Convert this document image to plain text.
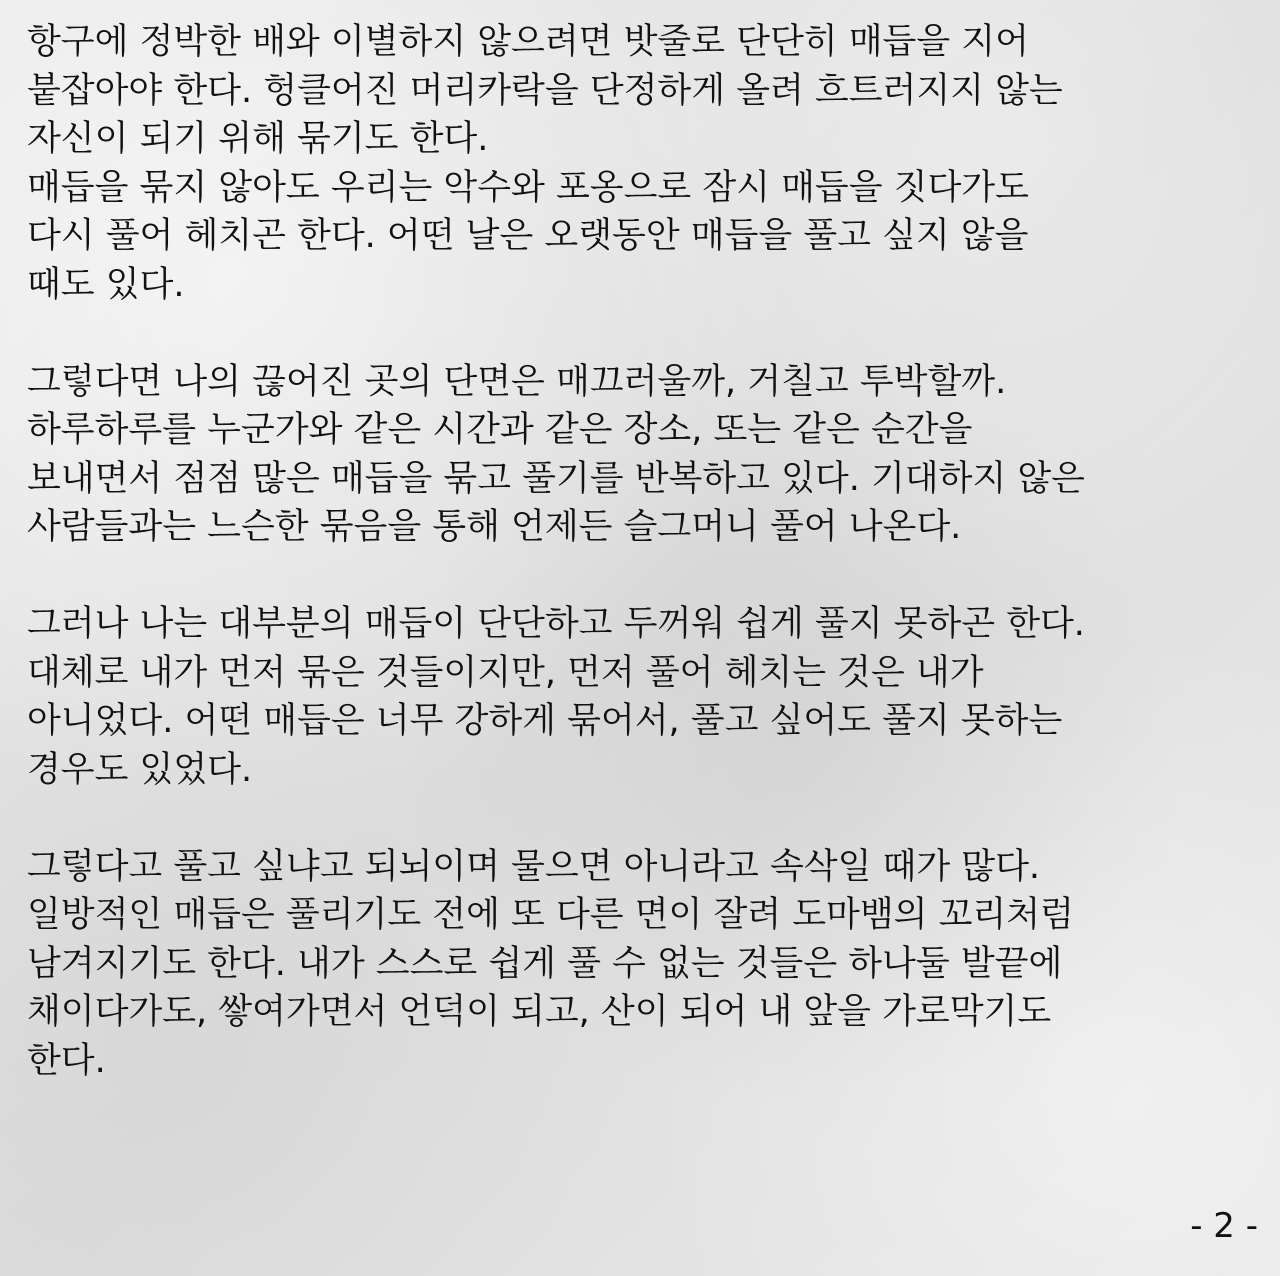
항구에 정박한 배와 이별하지 않으려면 밧줄로 단단히 매듭을 지어
붙잡아야 한다. 헝클어진 머리카락을 단정하게 올려 흐트러지지 않는
자신이 되기 위해 묶기도 한다.
매듭을 묶지 않아도 우리는 악수와 포옹으로 잠시 매듭을 짓다가도
다시 풀어 헤치곤 한다. 어떤 날은 오랫동안 매듭을 풀고 싶지 않을
때도 있다.

그렇다면 나의 끊어진 곳의 단면은 매끄러울까, 거칠고 투박할까.
하루하루를 누군가와 같은 시간과 같은 장소, 또는 같은 순간을
보내면서 점점 많은 매듭을 묶고 풀기를 반복하고 있다. 기대하지 않은
사람들과는 느슨한 묶음을 통해 언제든 슬그머니 풀어 나온다.

그러나 나는 대부분의 매듭이 단단하고 두꺼워 쉽게 풀지 못하곤 한다.
대체로 내가 먼저 묶은 것들이지만, 먼저 풀어 헤치는 것은 내가
아니었다. 어떤 매듭은 너무 강하게 묶어서, 풀고 싶어도 풀지 못하는
경우도 있었다.

그렇다고 풀고 싶냐고 되뇌이며 물으면 아니라고 속삭일 때가 많다.
일방적인 매듭은 풀리기도 전에 또 다른 면이 잘려 도마뱀의 꼬리처럼
남겨지기도 한다. 내가 스스로 쉽게 풀 수 없는 것들은 하나둘 발끝에
채이다가도, 쌓여가면서 언덕이 되고, 산이 되어 내 앞을 가로막기도
한다.

- 2 -
